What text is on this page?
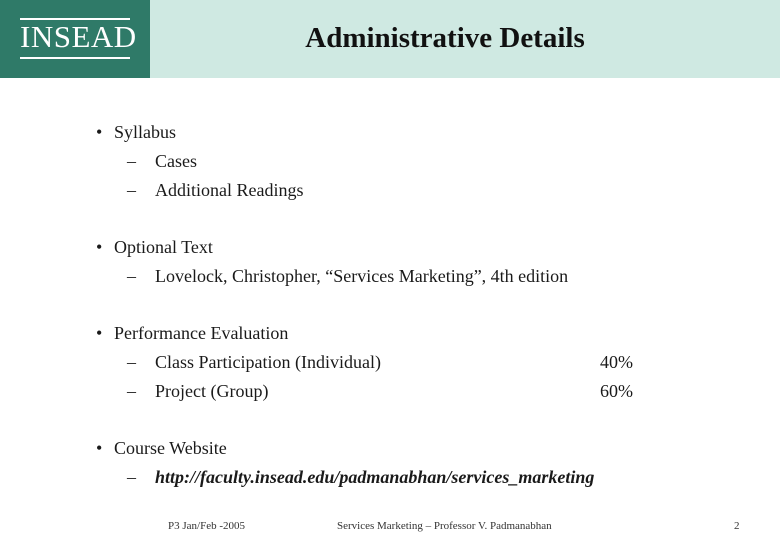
INSEAD	Administrative Details
• Syllabus
– Cases
– Additional Readings
• Optional Text
– Lovelock, Christopher, “Services Marketing”, 4th edition
• Performance Evaluation
– Class Participation (Individual)	40%
– Project (Group)	60%
• Course Website
– http://faculty.insead.edu/padmanabhan/services_marketing
P3 Jan/Feb -2005	Services Marketing – Professor V. Padmanabhan	2
